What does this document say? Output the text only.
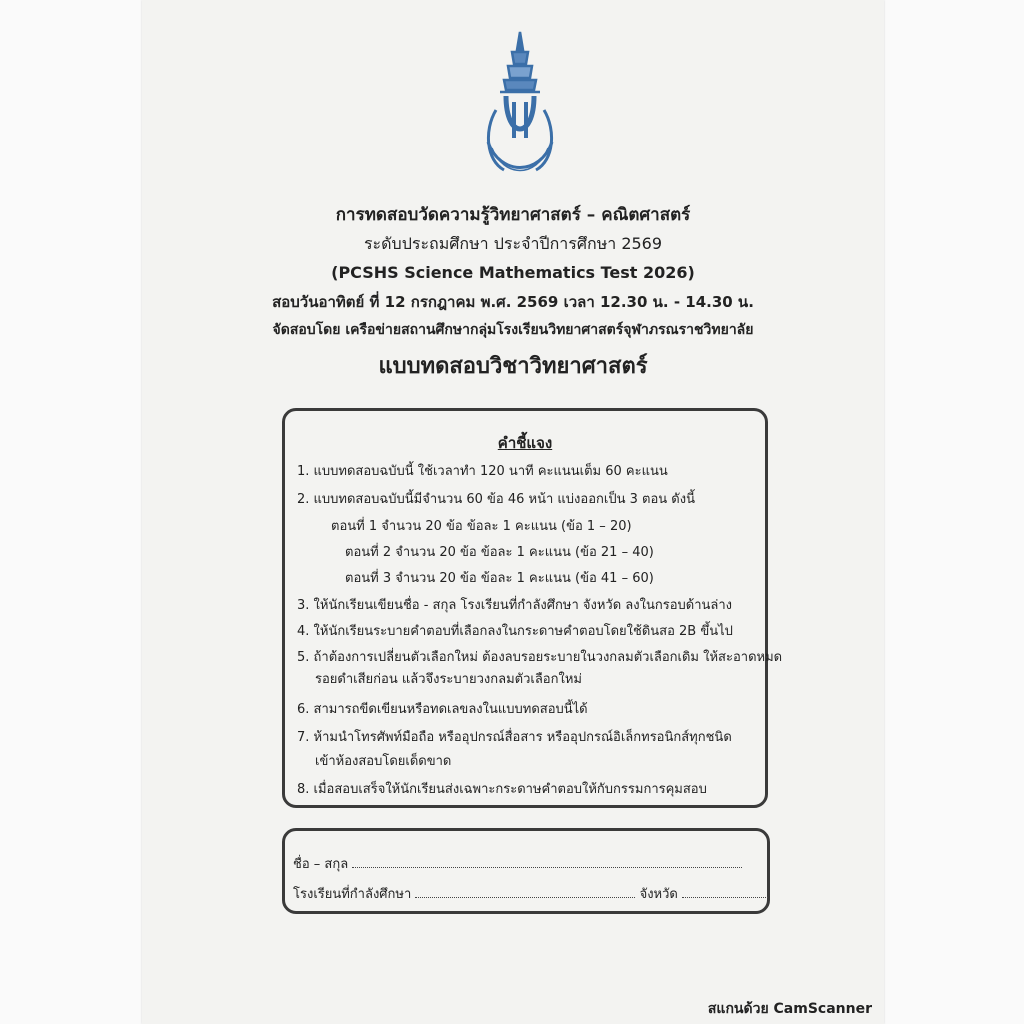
การทดสอบวัดความรู้วิทยาศาสตร์ – คณิตศาสตร์
ระดับประถมศึกษา ประจำปีการศึกษา 2569
(PCSHS Science Mathematics Test 2026)
สอบวันอาทิตย์ ที่ 12 กรกฎาคม พ.ศ. 2569 เวลา 12.30 น. - 14.30 น.
จัดสอบโดย เครือข่ายสถานศึกษากลุ่มโรงเรียนวิทยาศาสตร์จุฬาภรณราชวิทยาลัย
แบบทดสอบวิชาวิทยาศาสตร์
คำชี้แจง
1. แบบทดสอบฉบับนี้ ใช้เวลาทำ 120 นาที คะแนนเต็ม 60 คะแนน
2. แบบทดสอบฉบับนี้มีจำนวน 60 ข้อ 46 หน้า แบ่งออกเป็น 3 ตอน ดังนี้
ตอนที่ 1 จำนวน 20 ข้อ ข้อละ 1 คะแนน (ข้อ 1 – 20)
ตอนที่ 2 จำนวน 20 ข้อ ข้อละ 1 คะแนน (ข้อ 21 – 40)
ตอนที่ 3 จำนวน 20 ข้อ ข้อละ 1 คะแนน (ข้อ 41 – 60)
3. ให้นักเรียนเขียนชื่อ - สกุล โรงเรียนที่กำลังศึกษา จังหวัด ลงในกรอบด้านล่าง
4. ให้นักเรียนระบายคำตอบที่เลือกลงในกระดาษคำตอบโดยใช้ดินสอ 2B ขึ้นไป
5. ถ้าต้องการเปลี่ยนตัวเลือกใหม่ ต้องลบรอยระบายในวงกลมตัวเลือกเดิม ให้สะอาดหมด
รอยดำเสียก่อน แล้วจึงระบายวงกลมตัวเลือกใหม่
6. สามารถขีดเขียนหรือทดเลขลงในแบบทดสอบนี้ได้
7. ห้ามนำโทรศัพท์มือถือ หรืออุปกรณ์สื่อสาร หรืออุปกรณ์อิเล็กทรอนิกส์ทุกชนิด
เข้าห้องสอบโดยเด็ดขาด
8. เมื่อสอบเสร็จให้นักเรียนส่งเฉพาะกระดาษคำตอบให้กับกรรมการคุมสอบ
ชื่อ – สกุล
โรงเรียนที่กำลังศึกษา	จังหวัด
สแกนด้วย CamScanner
